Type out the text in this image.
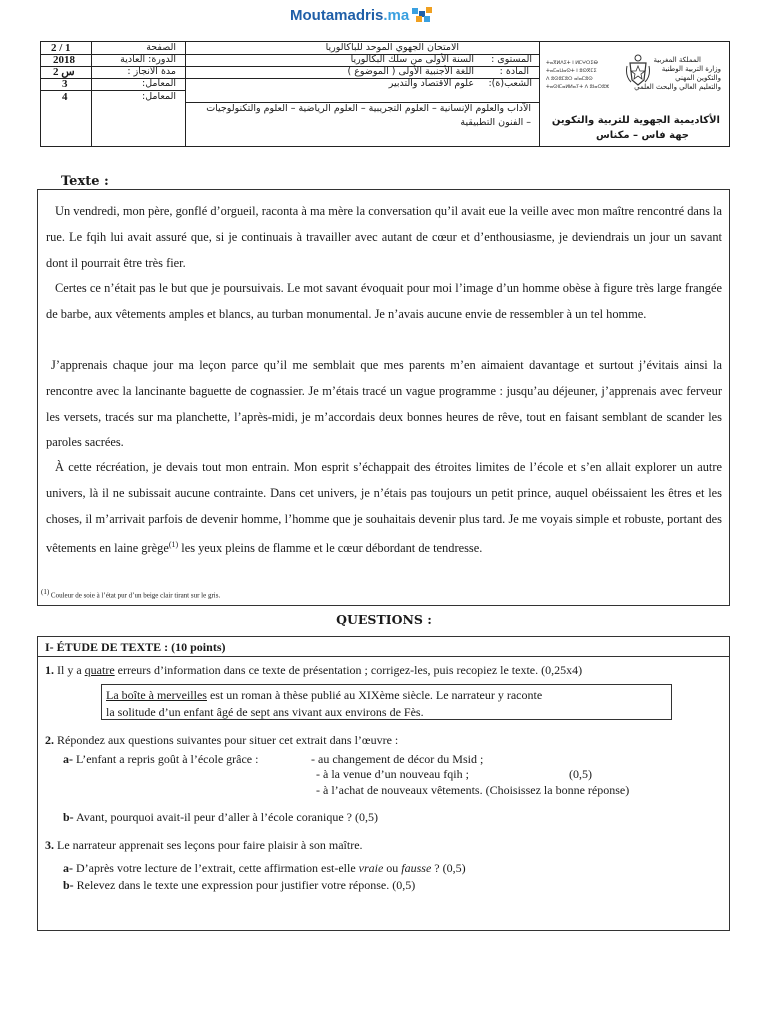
Moutamadris .ma
2 / 1
2018
2 س
3
4
الصفحة
الدورة: العادية
مدة الانجاز :
المعامل:
المعامل:
الامتحان الجهوي الموحد للباكالوريا
المستوى :
السنة الأولى من سلك البكالوريا
المادة :
اللغة الأجنبية الأولى ( الموضوع )
الشعب(ة):
علوم الاقتصاد والتدبير
الآداب والعلوم الإنسانية – العلوم التجريبية – العلوم الرياضية – العلوم والتكنولوجيات
– الفنون التطبيقية
المملكة المغربية
وزارة التربية الوطنية
والتكوين المهني
والتعليم العالي والبحث العلمي
ⵜⴰⴳⵍⴷⵉⵜ ⵏ ⵍⵎⵖⵔⵉⴱ
ⵜⴰⵎⴰⵡⴰⵙⵜ ⵏ ⵓⵙⴳⵎⵉ
ⴷ ⵓⵙⵓⵎⵓⵔ ⴰⵏⴰⵎⵓⵙ
ⵜⴰⵙⵏⵎⴰⵍⵍⴰⵢⵜ ⴷ ⵓⵏⴰⵔⵓⵣ
الأكاديمية الجهوية للتربية والتكوين
جهة فاس – مكناس
Texte :
Un vendredi, mon père, gonflé d’orgueil, raconta à ma mère la conversation qu’il avait eue la veille avec mon maître rencontré dans la rue. Le fqih lui avait assuré que, si je continuais à travailler avec autant de cœur et d’enthousiasme, je deviendrais un jour un savant dont il pourrait être très fier.
Certes ce n’était pas le but que je poursuivais. Le mot savant évoquait pour moi l’image d’un homme obèse à figure très large frangée de barbe, aux vêtements amples et blancs, au turban monumental. Je n’avais aucune envie de ressembler à un tel homme.
J’apprenais chaque jour ma leçon parce qu’il me semblait que mes parents m’en aimaient davantage et surtout j’évitais ainsi la rencontre avec la lancinante baguette de cognassier. Je m’étais tracé un vague programme : jusqu’au déjeuner, j’apprenais avec ferveur les versets, tracés sur ma planchette, l’après-midi, je m’accordais deux bonnes heures de rêve, tout en faisant semblant de scander les paroles sacrées.
À cette récréation, je devais tout mon entrain. Mon esprit s’échappait des étroites limites de l’école et s’en allait explorer un autre univers, là il ne subissait aucune contrainte. Dans cet univers, je n’étais pas toujours un petit prince, auquel obéissaient les êtres et les choses, il m’arrivait parfois de devenir homme, l’homme que je souhaitais devenir plus tard. Je me voyais simple et robuste, portant des vêtements en laine grège$^{(1)}$ les yeux pleins de flamme et le cœur débordant de tendresse.
$^{(1)}$ Couleur de soie à l’état pur d’un beige clair tirant sur le gris.
QUESTIONS :
I- ÉTUDE DE TEXTE : (10 points)
1. Il y a quatre erreurs d’information dans ce texte de présentation ; corrigez-les, puis recopiez le texte. (0,25x4)
La boîte à merveilles est un roman à thèse publié au XIXème siècle. Le narrateur y raconte
la solitude d’un enfant âgé de sept ans vivant aux environs de Fès.
2. Répondez aux questions suivantes pour situer cet extrait dans l’œuvre :
a- L’enfant a repris goût à l’école grâce :	- au changement de décor du Msid ;
- à la venue d’un nouveau fqih ;	(0,5)
- à l’achat de nouveaux vêtements. (Choisissez la bonne réponse)
b- Avant, pourquoi avait-il peur d’aller à l’école coranique ? (0,5)
3. Le narrateur apprenait ses leçons pour faire plaisir à son maître.
a- D’après votre lecture de l’extrait, cette affirmation est-elle vraie ou fausse ? (0,5)
b- Relevez dans le texte une expression pour justifier votre réponse. (0,5)
